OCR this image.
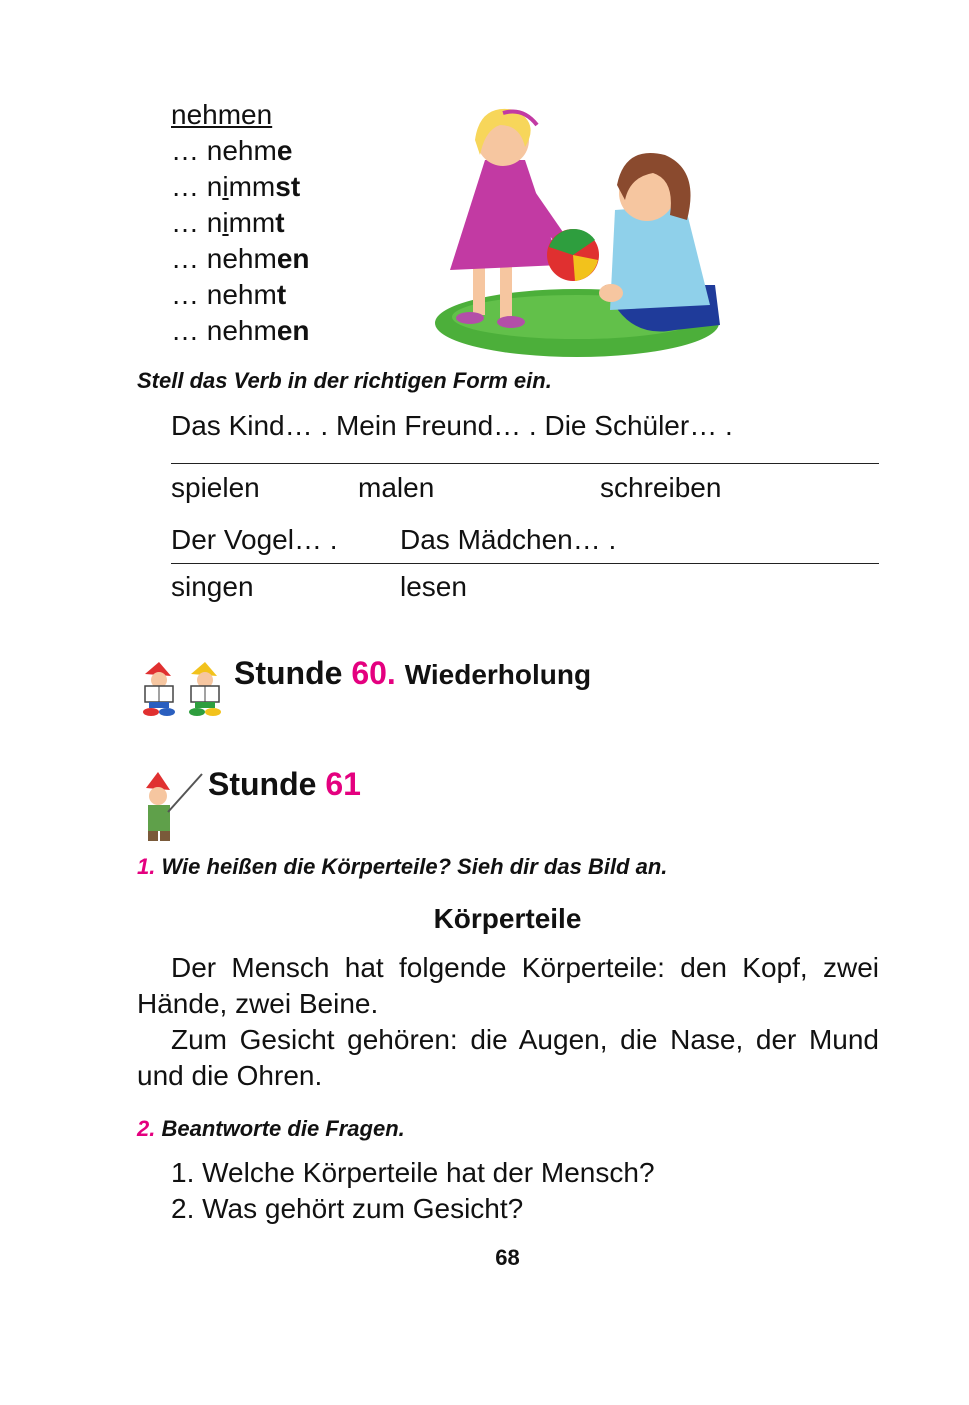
nehmen
… nehme
… nimmst
… nimmt
… nehmen
… nehmt
… nehmen
Stell das Verb in der richtigen Form ein.
Das Kind… . Mein Freund… . Die Schüler… .
spielen	malen	schreiben
Der Vogel… . Das Mädchen… .
singen	lesen
Stunde 60. Wiederholung
Stunde 61
1. Wie heißen die Körperteile? Sieh dir das Bild an.
Körperteile
Der Mensch hat folgende Körperteile: den Kopf, zwei Hände, zwei Beine.
Zum Gesicht gehören: die Augen, die Nase, der Mund und die Ohren.
2. Beantworte die Fragen.
1. Welche Körperteile hat der Mensch?
2. Was gehört zum Gesicht?
68
